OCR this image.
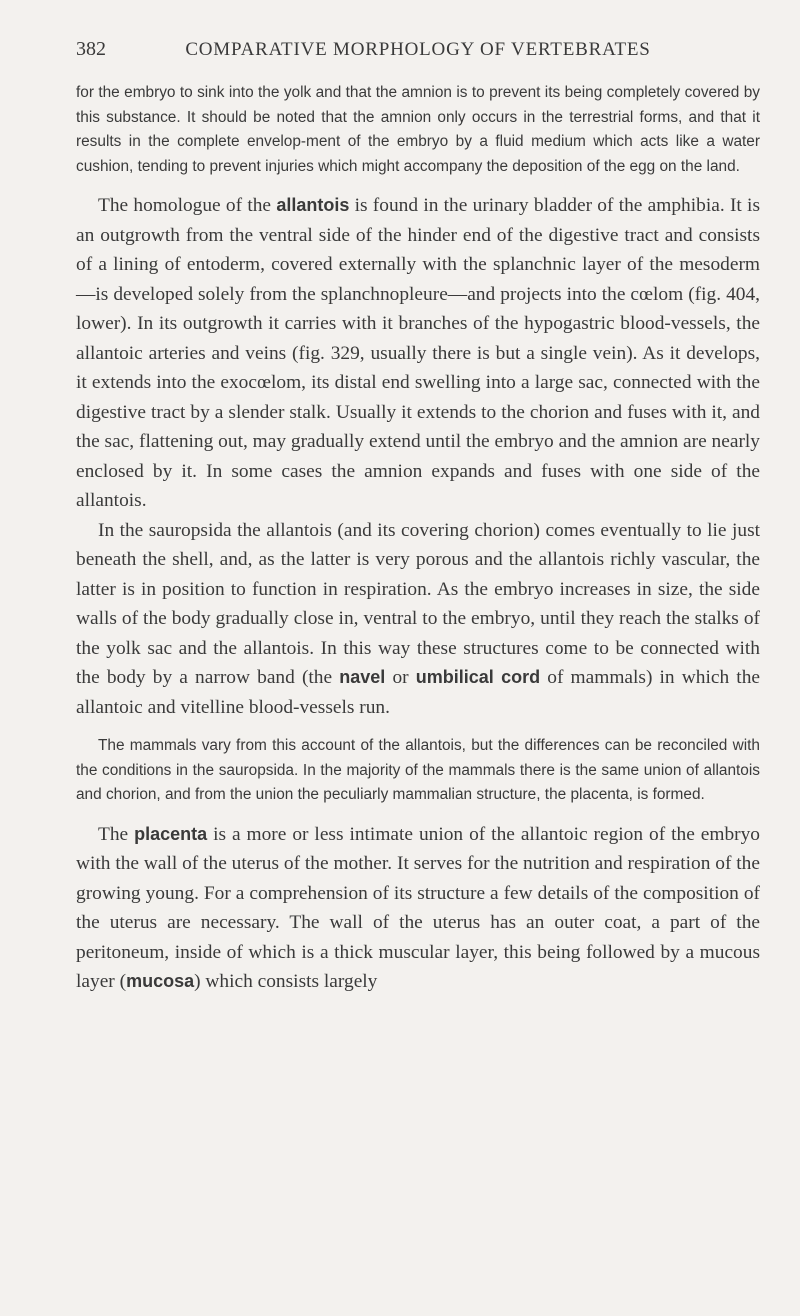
382	COMPARATIVE MORPHOLOGY OF VERTEBRATES

for the embryo to sink into the yolk and that the amnion is to prevent its being completely covered by this substance. It should be noted that the amnion only occurs in the terrestrial forms, and that it results in the complete envelop-ment of the embryo by a fluid medium which acts like a water cushion, tending to prevent injuries which might accompany the deposition of the egg on the land.

The homologue of the allantois is found in the urinary bladder of the amphibia. It is an outgrowth from the ventral side of the hinder end of the digestive tract and consists of a lining of entoderm, covered externally with the splanchnic layer of the mesoderm—is developed solely from the splanchnopleure—and projects into the cœlom (fig. 404, lower). In its outgrowth it carries with it branches of the hypogastric blood-vessels, the allantoic arteries and veins (fig. 329, usually there is but a single vein). As it develops, it extends into the exocœlom, its distal end swelling into a large sac, connected with the digestive tract by a slender stalk. Usually it extends to the chorion and fuses with it, and the sac, flattening out, may gradually extend until the embryo and the amnion are nearly enclosed by it. In some cases the amnion expands and fuses with one side of the allantois.

In the sauropsida the allantois (and its covering chorion) comes eventually to lie just beneath the shell, and, as the latter is very porous and the allantois richly vascular, the latter is in position to function in respiration. As the embryo increases in size, the side walls of the body gradually close in, ventral to the embryo, until they reach the stalks of the yolk sac and the allantois. In this way these structures come to be connected with the body by a narrow band (the navel or umbilical cord of mammals) in which the allantoic and vitelline blood-vessels run.

The mammals vary from this account of the allantois, but the differences can be reconciled with the conditions in the sauropsida. In the majority of the mammals there is the same union of allantois and chorion, and from the union the peculiarly mammalian structure, the placenta, is formed.

The placenta is a more or less intimate union of the allantoic region of the embryo with the wall of the uterus of the mother. It serves for the nutrition and respiration of the growing young. For a comprehension of its structure a few details of the composition of the uterus are necessary. The wall of the uterus has an outer coat, a part of the peritoneum, inside of which is a thick muscular layer, this being followed by a mucous layer (mucosa) which consists largely
